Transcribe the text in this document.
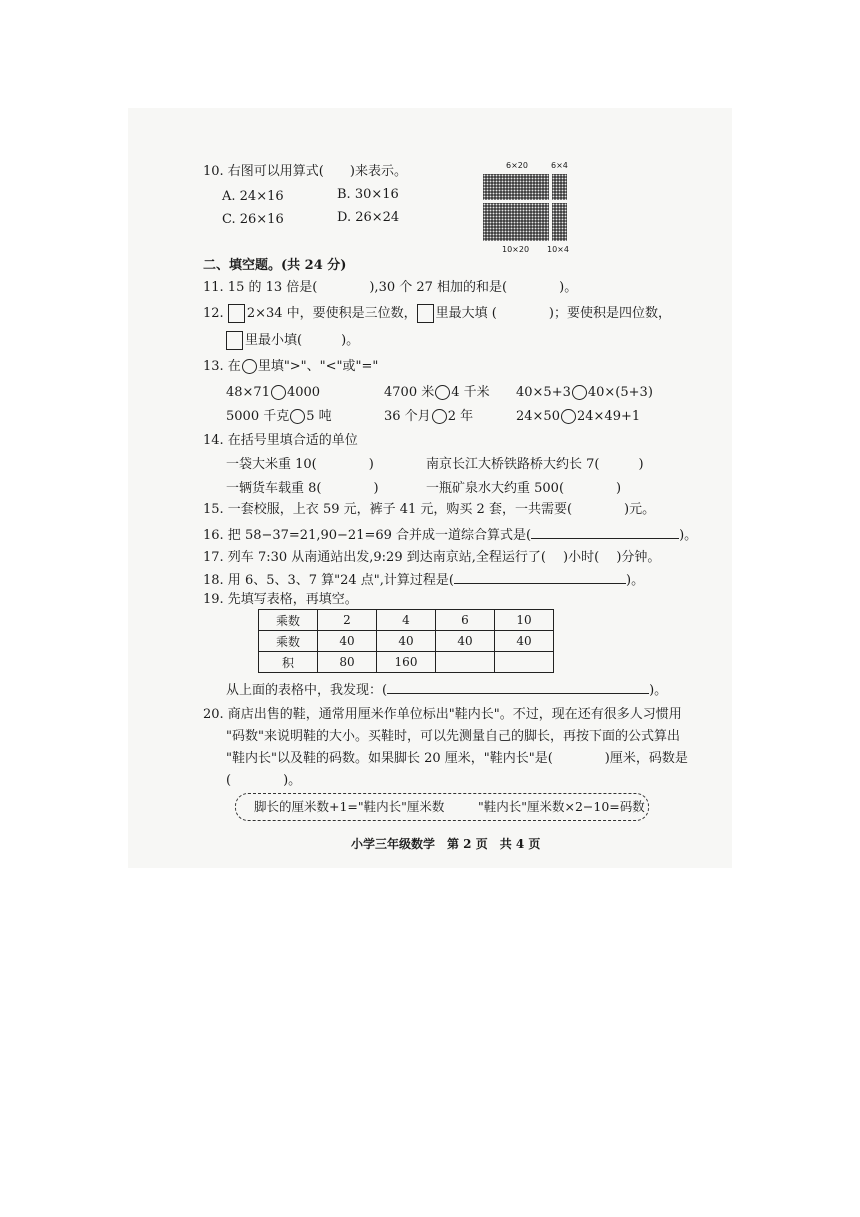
10. 右图可以用算式(　　)来表示。
A. 24×16	B. 30×16
C. 26×16	D. 26×24
6×20	6×4
10×20 10×4
二、填空题。(共 24 分)
11. 15 的 13 倍是(　　　　),30 个 27 相加的和是(　　　　)。
12. 2×34 中，要使积是三位数， 里最大填 (　　　　)；要使积是四位数，
里最小填(　　　)。
13. 在 里填">"、"<"或"="
48×71 4000	4700 米 4 千米 40×5+3 40×(5+3)
5000 千克 5 吨	36 个月 2 年	24×50 24×49+1
14. 在括号里填合适的单位
一袋大米重 10(　　　　)	南京长江大桥铁路桥大约长 7(　　　)
一辆货车载重 8(　　　　)	一瓶矿泉水大约重 500(　　　　)
15. 一套校服，上衣 59 元，裤子 41 元，购买 2 套，一共需要(　　　　)元。
16. 把 58−37=21,90−21=69 合并成一道综合算式是(	)。
17. 列车 7:30 从南通站出发,9:29 到达南京站,全程运行了(　 )小时(　 )分钟。
18. 用 6、5、3、7 算"24 点",计算过程是(	)。
19. 先填写表格，再填空。
乘数	2	4	6	10
乘数	40	40	40	40
积	80	160		
从上面的表格中，我发现：(	)。
20. 商店出售的鞋，通常用厘米作单位标出"鞋内长"。不过，现在还有很多人习惯用
"码数"来说明鞋的大小。买鞋时，可以先测量自己的脚长，再按下面的公式算出
"鞋内长"以及鞋的码数。如果脚长 20 厘米，"鞋内长"是(　　　　)厘米，码数是
(　　　　)。
脚长的厘米数+1="鞋内长"厘米数	"鞋内长"厘米数×2−10=码数
小学三年级数学　第 2 页　共 4 页
